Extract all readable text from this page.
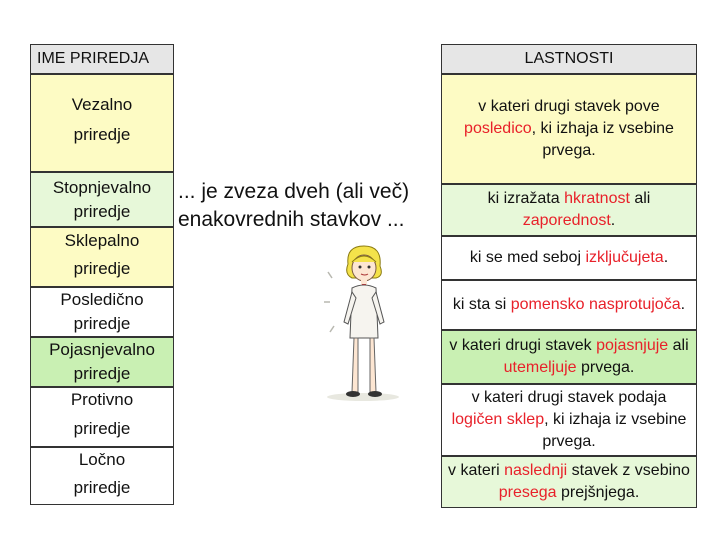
IME PRIREDJA
Vezalno
priredje
Stopnjevalno
priredje
Sklepalno
priredje
Posledično
priredje
Pojasnjevalno
priredje
Protivno
priredje
Ločno
priredje
... je zveza dveh (ali več)
enakovrednih stavkov ...
LASTNOSTI
v kateri drugi stavek pove posledico, ki izhaja iz vsebine prvega.
ki izražata hkratnost ali zaporednost.
ki se med seboj izključujeta.
ki sta si pomensko nasprotujoča.
v kateri drugi stavek pojasnjuje ali utemeljuje prvega.
v kateri drugi stavek podaja logičen sklep, ki izhaja iz vsebine prvega.
v kateri naslednji stavek z vsebino presega prejšnjega.
